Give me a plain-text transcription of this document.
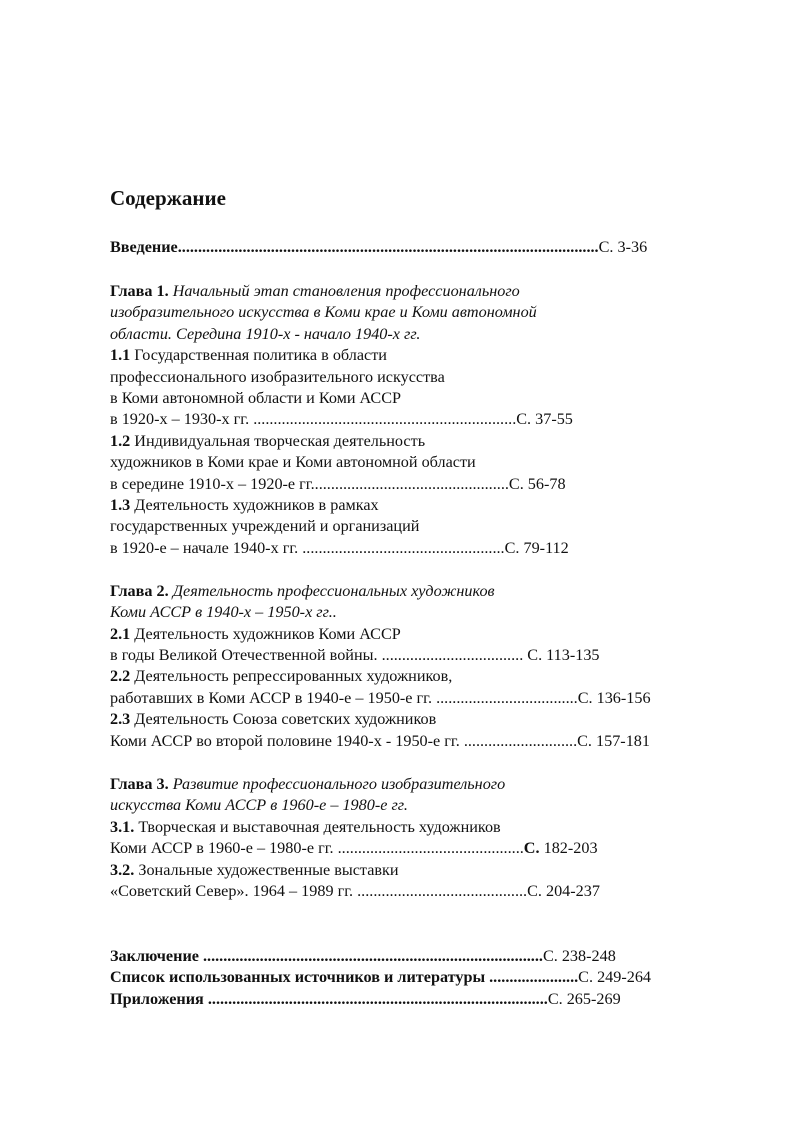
Содержание
Введение........................................................................................................С. 3-36
Глава 1. Начальный этап становления профессионального
изобразительного искусства в Коми крае и Коми автономной
области. Середина 1910-х - начало 1940-х гг.
1.1 Государственная политика в области
профессионального изобразительного искусства
в Коми автономной области и Коми АССР
в 1920-х – 1930-х гг. .................................................................С. 37-55
1.2 Индивидуальная творческая деятельность
художников в Коми крае и Коми автономной области
в середине 1910-х – 1920-е гг.................................................С. 56-78
1.3 Деятельность художников в рамках
государственных учреждений и организаций
в 1920-е – начале 1940-х гг. ..................................................С. 79-112
Глава 2. Деятельность профессиональных художников
Коми АССР в 1940-х – 1950-х гг..
2.1 Деятельность художников Коми АССР
в годы Великой Отечественной войны. ................................... С. 113-135
2.2 Деятельность репрессированных художников,
работавших в Коми АССР в 1940-е – 1950-е гг. ...................................С. 136-156
2.3 Деятельность Союза советских художников
Коми АССР во второй половине 1940-х - 1950-е гг. ............................С. 157-181
Глава 3. Развитие профессионального изобразительного
искусства Коми АССР в 1960-е – 1980-е гг.
3.1. Творческая и выставочная деятельность художников
Коми АССР в 1960-е – 1980-е гг. ..............................................С. 182-203
3.2. Зональные художественные выставки
«Советский Север». 1964 – 1989 гг. ..........................................С. 204-237
Заключение ....................................................................................С. 238-248
Список использованных источников и литературы ......................С. 249-264
Приложения ....................................................................................С. 265-269
